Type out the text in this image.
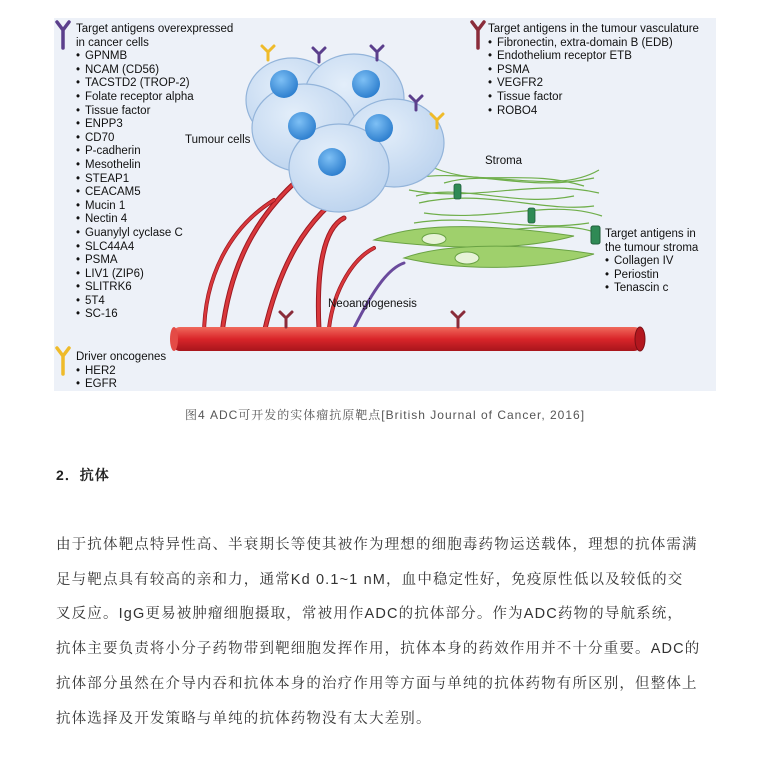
Target antigens overexpressed
in cancer cells
• GPNMB
• NCAM (CD56)
• TACSTD2 (TROP-2)
• Folate receptor alpha
• Tissue factor
• ENPP3
• CD70
• P-cadherin
• Mesothelin
• STEAP1
• CEACAM5
• Mucin 1
• Nectin 4
• Guanylyl cyclase C
• SLC44A4
• PSMA
• LIV1 (ZIP6)
• SLITRK6
• 5T4
• SC-16
Target antigens in the tumour vasculature
• Fibronectin, extra-domain B (EDB)
• Endothelium receptor ETB
• PSMA
• VEGFR2
• Tissue factor
• ROBO4
Target antigens in
the tumour stroma
• Collagen IV
• Periostin
• Tenascin c
Driver oncogenes
• HER2
• EGFR
Tumour cells
Stroma
Neoangiogenesis
图4 ADC可开发的实体瘤抗原靶点[British Journal of Cancer, 2016]
2．抗体
由于抗体靶点特异性高、半衰期长等使其被作为理想的细胞毒药物运送载体，理想的抗体需满
足与靶点具有较高的亲和力，通常Kd 0.1~1 nM，血中稳定性好，免疫原性低以及较低的交
叉反应。IgG更易被肿瘤细胞摄取，常被用作ADC的抗体部分。作为ADC药物的导航系统，
抗体主要负责将小分子药物带到靶细胞发挥作用，抗体本身的药效作用并不十分重要。ADC的
抗体部分虽然在介导内吞和抗体本身的治疗作用等方面与单纯的抗体药物有所区别，但整体上
抗体选择及开发策略与单纯的抗体药物没有太大差别。
